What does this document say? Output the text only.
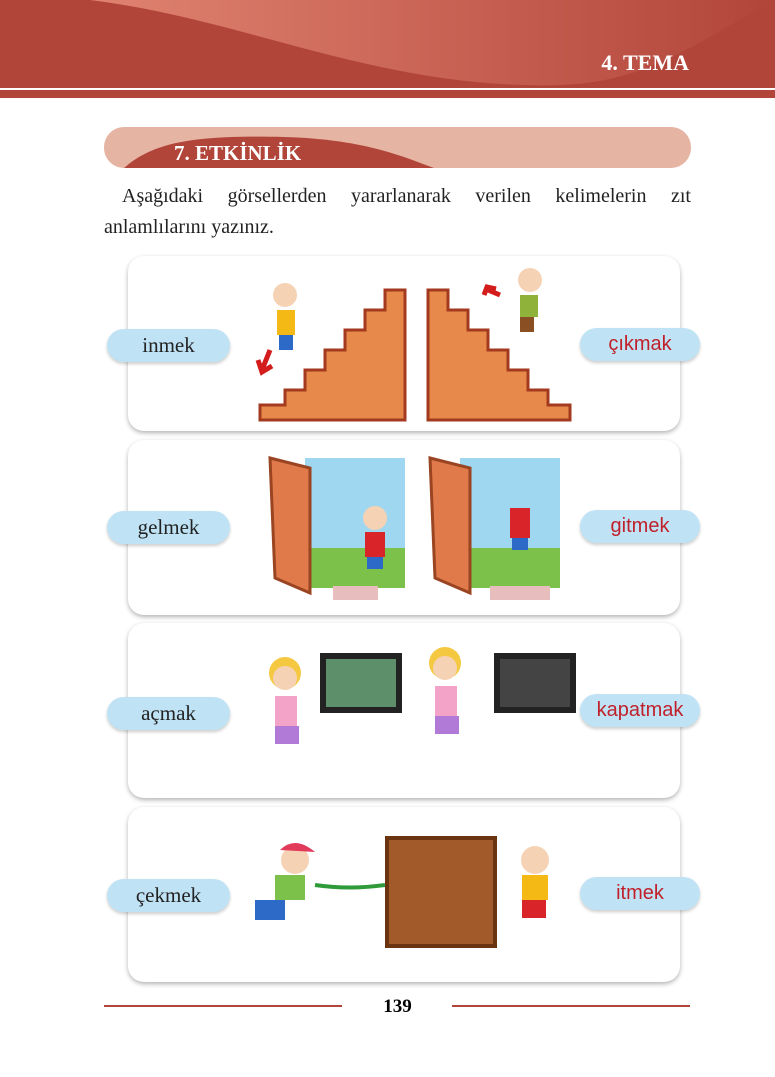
4. TEMA
7. ETKİNLİK
Aşağıdaki görsellerden yararlanarak verilen kelimelerin zıt anlamlılarını yazınız.
inmek	çıkmak
gelmek	gitmek
açmak	kapatmak
çekmek	itmek
139
